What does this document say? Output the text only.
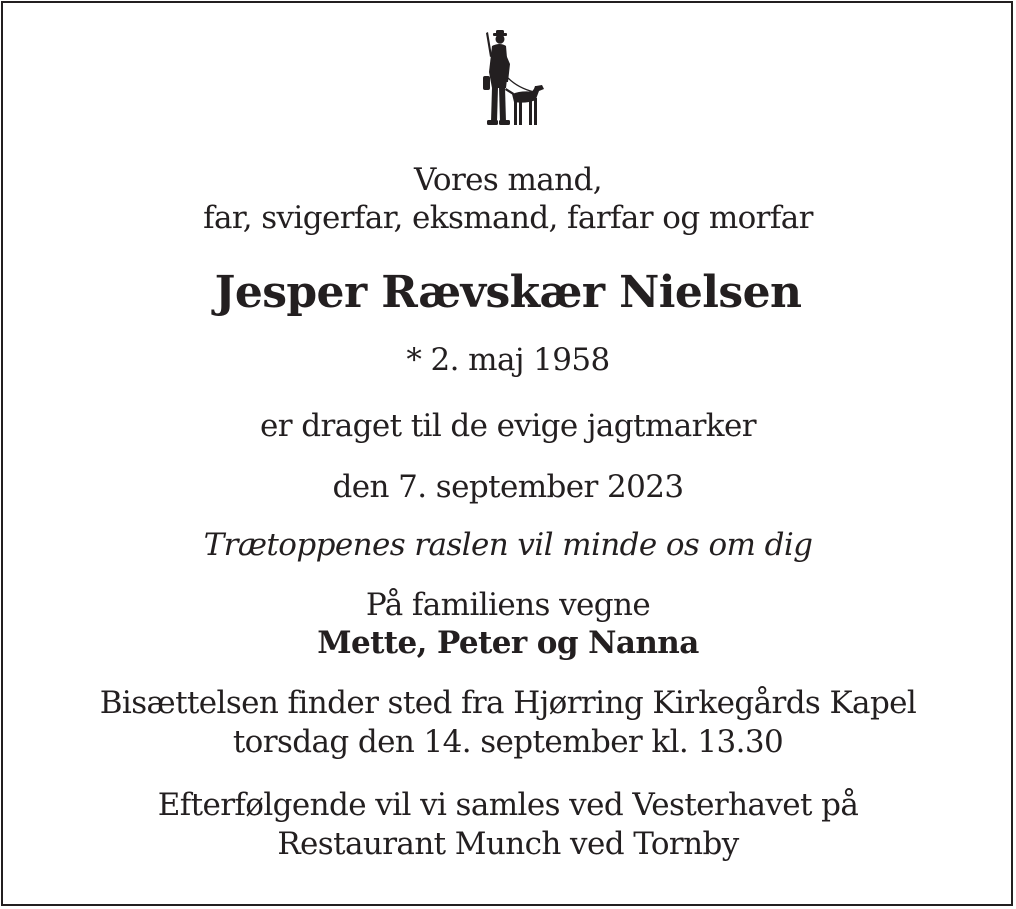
Vores mand,
far, svigerfar, eksmand, farfar og morfar
Jesper Rævskær Nielsen
* 2. maj 1958
er draget til de evige jagtmarker
den 7. september 2023
Trætoppenes raslen vil minde os om dig
På familiens vegne
Mette, Peter og Nanna
Bisættelsen finder sted fra Hjørring Kirkegårds Kapel
torsdag den 14. september kl. 13.30
Efterfølgende vil vi samles ved Vesterhavet på
Restaurant Munch ved Tornby
